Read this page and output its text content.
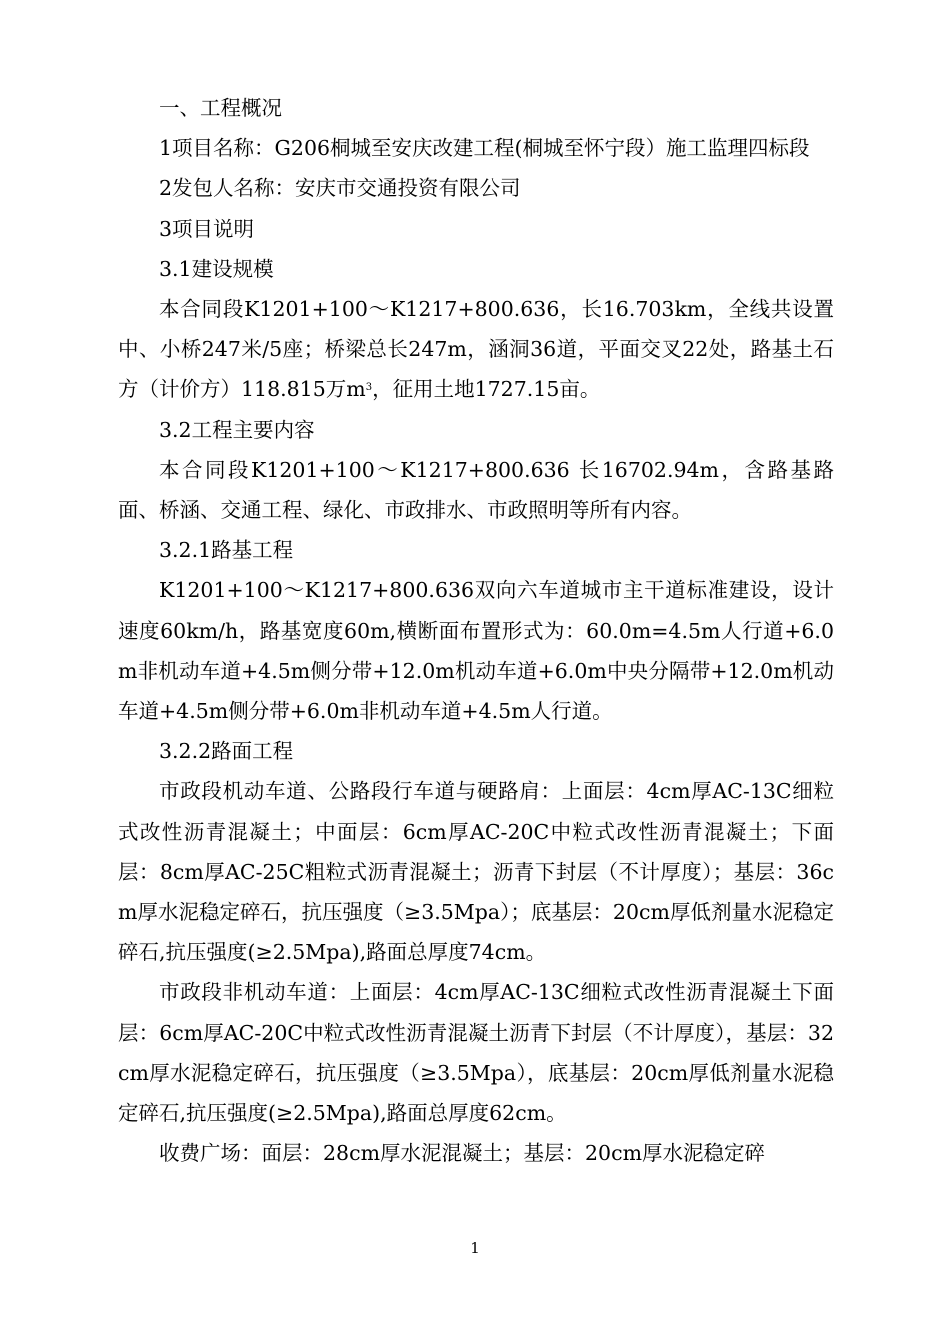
一、工程概况

1项目名称：G206桐城至安庆改建工程(桐城至怀宁段）施工监理四标段

2发包人名称：安庆市交通投资有限公司

3项目说明

3.1建设规模

本合同段K1201+100～K1217+800.636，长16.703km，全线共设置中、小桥247米/5座；桥梁总长247m，涵洞36道，平面交叉22处，路基土石方（计价方）118.815万$m^3$，征用土地1727.15亩。

3.2工程主要内容

本合同段K1201+100～K1217+800.636 长16702.94m，含路基路面、桥涵、交通工程、绿化、市政排水、市政照明等所有内容。

3.2.1路基工程

K1201+100～K1217+800.636双向六车道城市主干道标准建设，设计速度60km/h，路基宽度60m,横断面布置形式为：60.0m=4.5m人行道+6.0m非机动车道+4.5m侧分带+12.0m机动车道+6.0m中央分隔带+12.0m机动车道+4.5m侧分带+6.0m非机动车道+4.5m人行道。

3.2.2路面工程

市政段机动车道、公路段行车道与硬路肩：上面层：4cm厚AC-13C细粒式改性沥青混凝土；中面层：6cm厚AC-20C中粒式改性沥青混凝土；下面层：8cm厚AC-25C粗粒式沥青混凝土；沥青下封层（不计厚度）；基层：36cm厚水泥稳定碎石，抗压强度（≥3.5Mpa）；底基层：20cm厚低剂量水泥稳定碎石,抗压强度(≥2.5Mpa),路面总厚度74cm。

市政段非机动车道：上面层：4cm厚AC-13C细粒式改性沥青混凝土下面层：6cm厚AC-20C中粒式改性沥青混凝土沥青下封层（不计厚度），基层：32cm厚水泥稳定碎石，抗压强度（≥3.5Mpa），底基层：20cm厚低剂量水泥稳定碎石,抗压强度(≥2.5Mpa),路面总厚度62cm。

收费广场：面层：28cm厚水泥混凝土；基层：20cm厚水泥稳定碎

1
